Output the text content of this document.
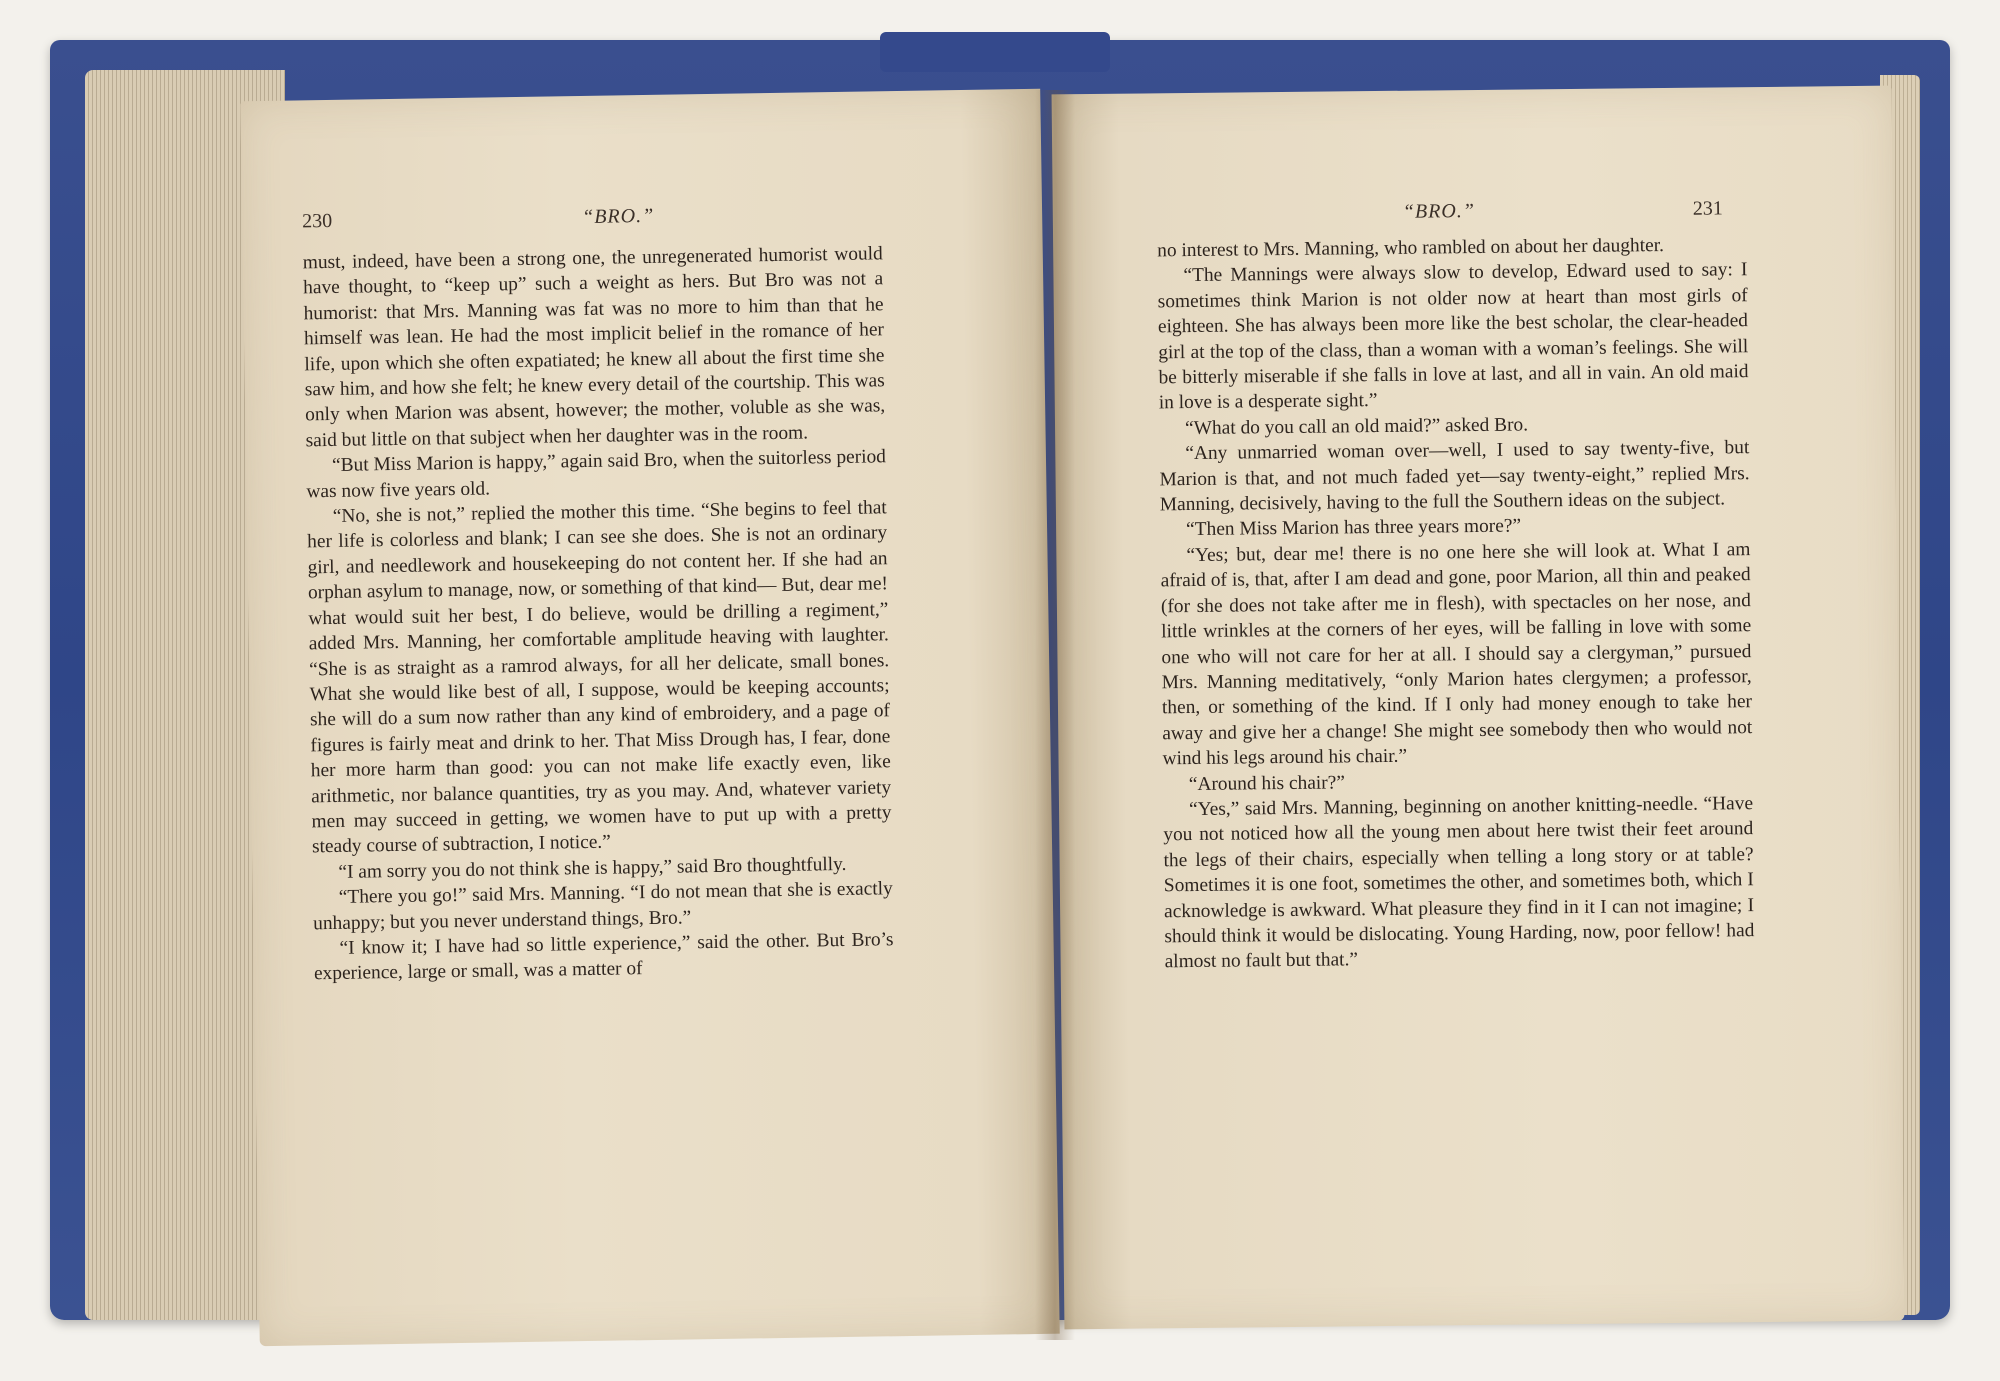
230	“BRO.”

must, indeed, have been a strong one, the unregenerated humorist would have thought, to “keep up” such a weight as hers. But Bro was not a humorist: that Mrs. Manning was fat was no more to him than that he himself was lean. He had the most implicit belief in the romance of her life, upon which she often expatiated; he knew all about the first time she saw him, and how she felt; he knew every detail of the courtship. This was only when Marion was absent, however; the mother, voluble as she was, said but little on that subject when her daughter was in the room.

“But Miss Marion is happy,” again said Bro, when the suitorless period was now five years old.

“No, she is not,” replied the mother this time. “She begins to feel that her life is colorless and blank; I can see she does. She is not an ordinary girl, and needlework and housekeeping do not content her. If she had an orphan asylum to manage, now, or something of that kind— But, dear me! what would suit her best, I do believe, would be drilling a regiment,” added Mrs. Manning, her comfortable amplitude heaving with laughter. “She is as straight as a ramrod always, for all her delicate, small bones. What she would like best of all, I suppose, would be keeping accounts; she will do a sum now rather than any kind of embroidery, and a page of figures is fairly meat and drink to her. That Miss Drough has, I fear, done her more harm than good: you can not make life exactly even, like arithmetic, nor balance quantities, try as you may. And, whatever variety men may succeed in getting, we women have to put up with a pretty steady course of subtraction, I notice.”

“I am sorry you do not think she is happy,” said Bro thoughtfully.

“There you go!” said Mrs. Manning. “I do not mean that she is exactly unhappy; but you never understand things, Bro.”

“I know it; I have had so little experience,” said the other. But Bro’s experience, large or small, was a matter of

“BRO.”	231

no interest to Mrs. Manning, who rambled on about her daughter.

“The Mannings were always slow to develop, Edward used to say: I sometimes think Marion is not older now at heart than most girls of eighteen. She has always been more like the best scholar, the clear-headed girl at the top of the class, than a woman with a woman’s feelings. She will be bitterly miserable if she falls in love at last, and all in vain. An old maid in love is a desperate sight.”

“What do you call an old maid?” asked Bro.

“Any unmarried woman over—well, I used to say twenty-five, but Marion is that, and not much faded yet—say twenty-eight,” replied Mrs. Manning, decisively, having to the full the Southern ideas on the subject.

“Then Miss Marion has three years more?”

“Yes; but, dear me! there is no one here she will look at. What I am afraid of is, that, after I am dead and gone, poor Marion, all thin and peaked (for she does not take after me in flesh), with spectacles on her nose, and little wrinkles at the corners of her eyes, will be falling in love with some one who will not care for her at all. I should say a clergyman,” pursued Mrs. Manning meditatively, “only Marion hates clergymen; a professor, then, or something of the kind. If I only had money enough to take her away and give her a change! She might see somebody then who would not wind his legs around his chair.”

“Around his chair?”

“Yes,” said Mrs. Manning, beginning on another knitting-needle. “Have you not noticed how all the young men about here twist their feet around the legs of their chairs, especially when telling a long story or at table? Sometimes it is one foot, sometimes the other, and sometimes both, which I acknowledge is awkward. What pleasure they find in it I can not imagine; I should think it would be dislocating. Young Harding, now, poor fellow! had almost no fault but that.”
